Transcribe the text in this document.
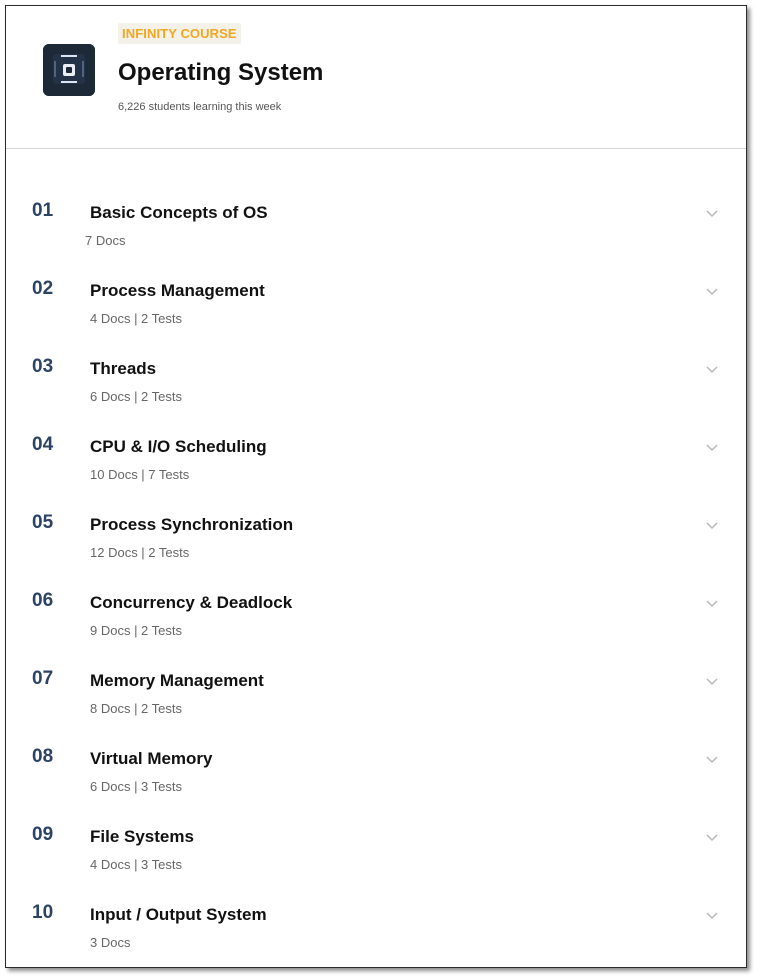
INFINITY COURSE
Operating System
6,226 students learning this week
01 Basic Concepts of OS
7 Docs
02 Process Management
4 Docs | 2 Tests
03 Threads
6 Docs | 2 Tests
04 CPU & I/O Scheduling
10 Docs | 7 Tests
05 Process Synchronization
12 Docs | 2 Tests
06 Concurrency & Deadlock
9 Docs | 2 Tests
07 Memory Management
8 Docs | 2 Tests
08 Virtual Memory
6 Docs | 3 Tests
09 File Systems
4 Docs | 3 Tests
10 Input / Output System
3 Docs
